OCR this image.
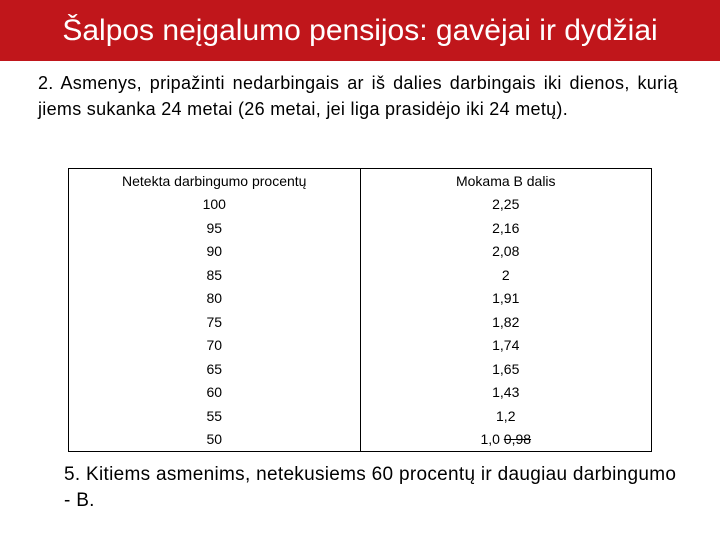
Šalpos neįgalumo pensijos: gavėjai ir dydžiai
2. Asmenys, pripažinti nedarbingais ar iš dalies darbingais iki dienos, kurią jiems sukanka 24 metai (26 metai, jei liga prasidėjo iki 24 metų).
Netekta darbingumo procentų	Mokama B dalis
100	2,25
95	2,16
90	2,08
85	2
80	1,91
75	1,82
70	1,74
65	1,65
60	1,43
55	1,2
50	1,0 0,98
5. Kitiems asmenims, netekusiems 60 procentų ir daugiau darbingumo - B.
